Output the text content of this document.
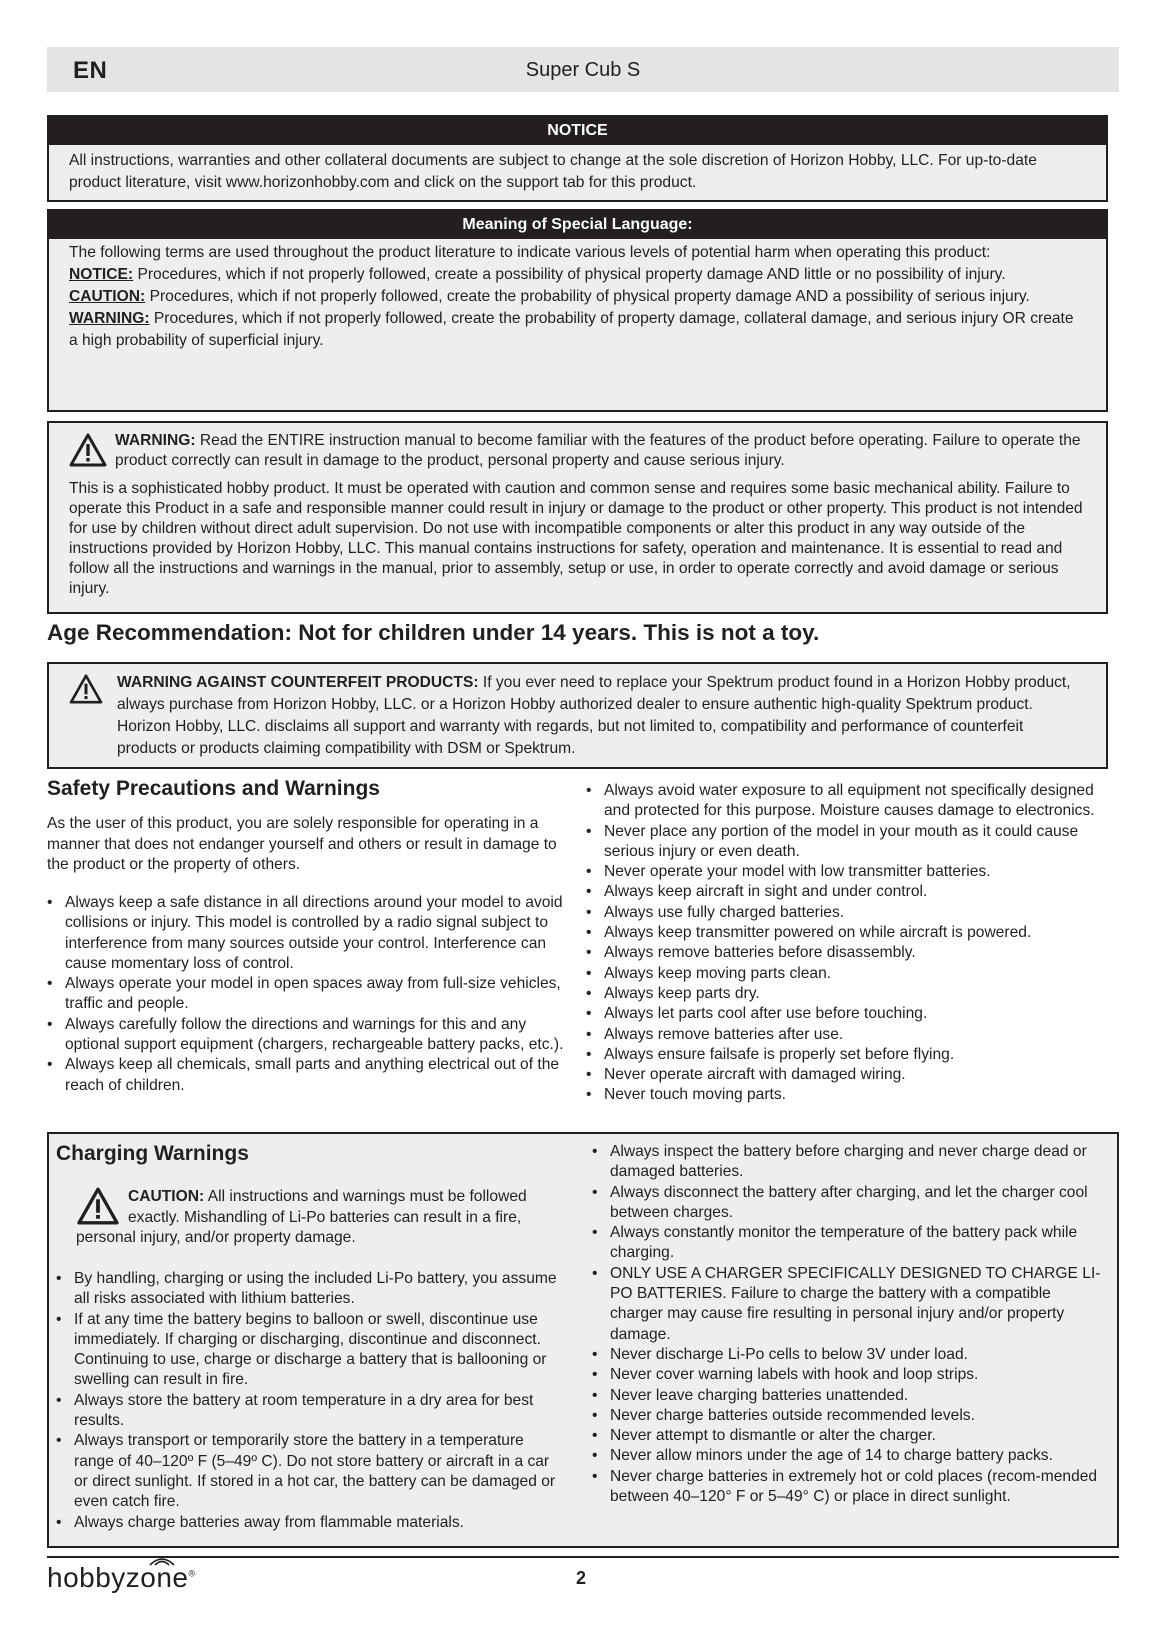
EN	Super Cub S
NOTICE

All instructions, warranties and other collateral documents are subject to change at the sole discretion of Horizon Hobby, LLC. For up-to-date product literature, visit www.horizonhobby.com and click on the support tab for this product.

Meaning of Special Language:

The following terms are used throughout the product literature to indicate various levels of potential harm when operating this product:

NOTICE: Procedures, which if not properly followed, create a possibility of physical property damage AND little or no possibility of injury.

CAUTION: Procedures, which if not properly followed, create the probability of physical property damage AND a possibility of serious injury.

WARNING: Procedures, which if not properly followed, create the probability of property damage, collateral damage, and serious injury OR create a high probability of superficial injury.

WARNING: Read the ENTIRE instruction manual to become familiar with the features of the product before operating. Failure to operate the product correctly can result in damage to the product, personal property and cause serious injury.
This is a sophisticated hobby product. It must be operated with caution and common sense and requires some basic mechanical ability. Failure to operate this Product in a safe and responsible manner could result in injury or damage to the product or other property. This product is not intended for use by children without direct adult supervision. Do not use with incompatible components or alter this product in any way outside of the instructions provided by Horizon Hobby, LLC. This manual contains instructions for safety, operation and maintenance. It is essential to read and follow all the instructions and warnings in the manual, prior to assembly, setup or use, in order to operate correctly and avoid damage or serious injury.
Age Recommendation: Not for children under 14 years. This is not a toy.
WARNING AGAINST COUNTERFEIT PRODUCTS: If you ever need to replace your Spektrum product found in a Horizon Hobby product, always purchase from Horizon Hobby, LLC. or a Horizon Hobby authorized dealer to ensure authentic high-quality Spektrum product. Horizon Hobby, LLC. disclaims all support and warranty with regards, but not limited to, compatibility and performance of counterfeit products or products claiming compatibility with DSM or Spektrum.
Safety Precautions and Warnings

As the user of this product, you are solely responsible for operating in a manner that does not endanger yourself and others or result in damage to the product or the property of others.

• Always keep a safe distance in all directions around your model to avoid collisions or injury. This model is controlled by a radio signal subject to interference from many sources outside your control. Interference can cause momentary loss of control.
• Always operate your model in open spaces away from full-size vehicles, traffic and people.
• Always carefully follow the directions and warnings for this and any optional support equipment (chargers, rechargeable battery packs, etc.).
• Always keep all chemicals, small parts and anything electrical out of the reach of children.
• Always avoid water exposure to all equipment not specifically designed and protected for this purpose. Moisture causes damage to electronics.
• Never place any portion of the model in your mouth as it could cause serious injury or even death.
• Never operate your model with low transmitter batteries.
• Always keep aircraft in sight and under control.
• Always use fully charged batteries.
• Always keep transmitter powered on while aircraft is powered.
• Always remove batteries before disassembly.
• Always keep moving parts clean.
• Always keep parts dry.
• Always let parts cool after use before touching.
• Always remove batteries after use.
• Always ensure failsafe is properly set before flying.
• Never operate aircraft with damaged wiring.
• Never touch moving parts.
Charging Warnings
CAUTION: All instructions and warnings must be followed exactly. Mishandling of Li-Po batteries can result in a fire, personal injury, and/or property damage.
• By handling, charging or using the included Li-Po battery, you assume all risks associated with lithium batteries.
• If at any time the battery begins to balloon or swell, discontinue use immediately. If charging or discharging, discontinue and disconnect. Continuing to use, charge or discharge a battery that is ballooning or swelling can result in fire.
• Always store the battery at room temperature in a dry area for best results.
• Always transport or temporarily store the battery in a temperature range of 40–120º F (5–49º C). Do not store battery or aircraft in a car or direct sunlight. If stored in a hot car, the battery can be damaged or even catch fire.
• Always charge batteries away from flammable materials.
• Always inspect the battery before charging and never charge dead or damaged batteries.
• Always disconnect the battery after charging, and let the charger cool between charges.
• Always constantly monitor the temperature of the battery pack while charging.
• ONLY USE A CHARGER SPECIFICALLY DESIGNED TO CHARGE LI-PO BATTERIES. Failure to charge the battery with a compatible charger may cause fire resulting in personal injury and/or property damage.
• Never discharge Li-Po cells to below 3V under load.
• Never cover warning labels with hook and loop strips.
• Never leave charging batteries unattended.
• Never charge batteries outside recommended levels.
• Never attempt to dismantle or alter the charger.
• Never allow minors under the age of 14 to charge battery packs.
• Never charge batteries in extremely hot or cold places (recom-mended between 40–120° F or 5–49° C) or place in direct sunlight.
hobbyzone®	2
